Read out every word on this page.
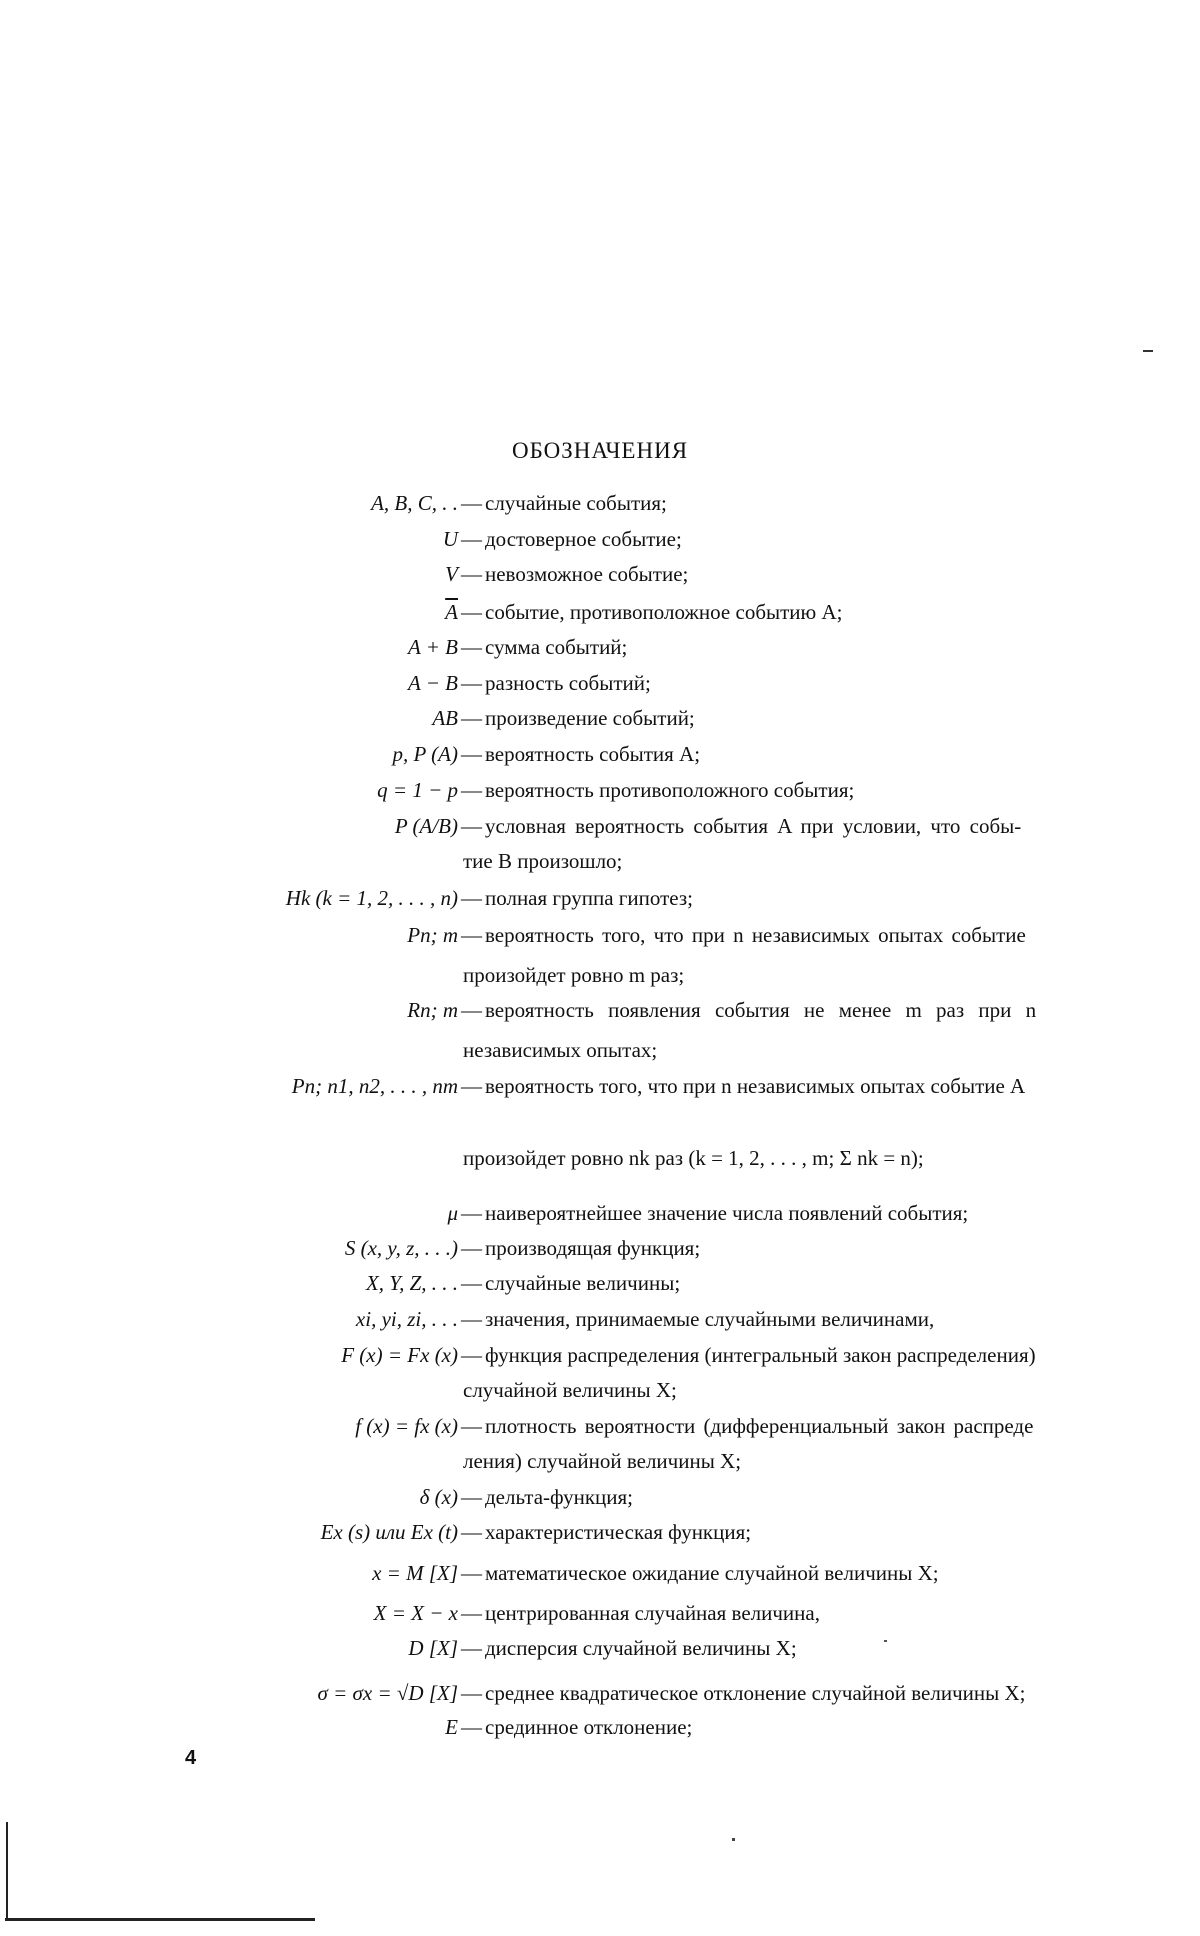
ОБОЗНАЧЕНИЯ
A, B, C, . . — случайные события;
U — достоверное событие;
V — невозможное событие;
$\overline{A}$ — событие, противоположное событию A;
A + B — сумма событий;
A − B — разность событий;
AB — произведение событий;
p, P (A) — вероятность события A;
q = 1 − p — вероятность противоположного события;
P (A/B) — условная вероятность события A при условии, что собы-
тие B произошло;
Hk (k = 1, 2, . . . , n) — полная группа гипотез;
Pn; m — вероятность того, что при n независимых опытах событие
произойдет ровно m раз;
Rn; m — вероятность появления события не менее m раз при n
независимых опытах;
Pn; n1, n2, . . . , nm — вероятность того, что при n независимых опытах событие A
произойдет ровно nk раз (k = 1, 2, . . . , m; Σ nk = n);
μ — наивероятнейшее значение числа появлений события;
S (x, y, z, . . .) — производящая функция;
X, Y, Z, . . . — случайные величины;
xi, yi, zi, . . . — значения, принимаемые случайными величинами,
F (x) = Fx (x) — функция распределения (интегральный закон распределения)
случайной величины X;
f (x) = fx (x) — плотность вероятности (дифференциальный закон распреде
ления) случайной величины X;
δ (x) — дельта-функция;
Ex (s) или Ex (t) — характеристическая функция;
x = M [X] — математическое ожидание случайной величины X;
X = X − x — центрированная случайная величина,
D [X] — дисперсия случайной величины X;
σ = σx = √D [X] — среднее квадратическое отклонение случайной величины X;
E — срединное отклонение;
4
